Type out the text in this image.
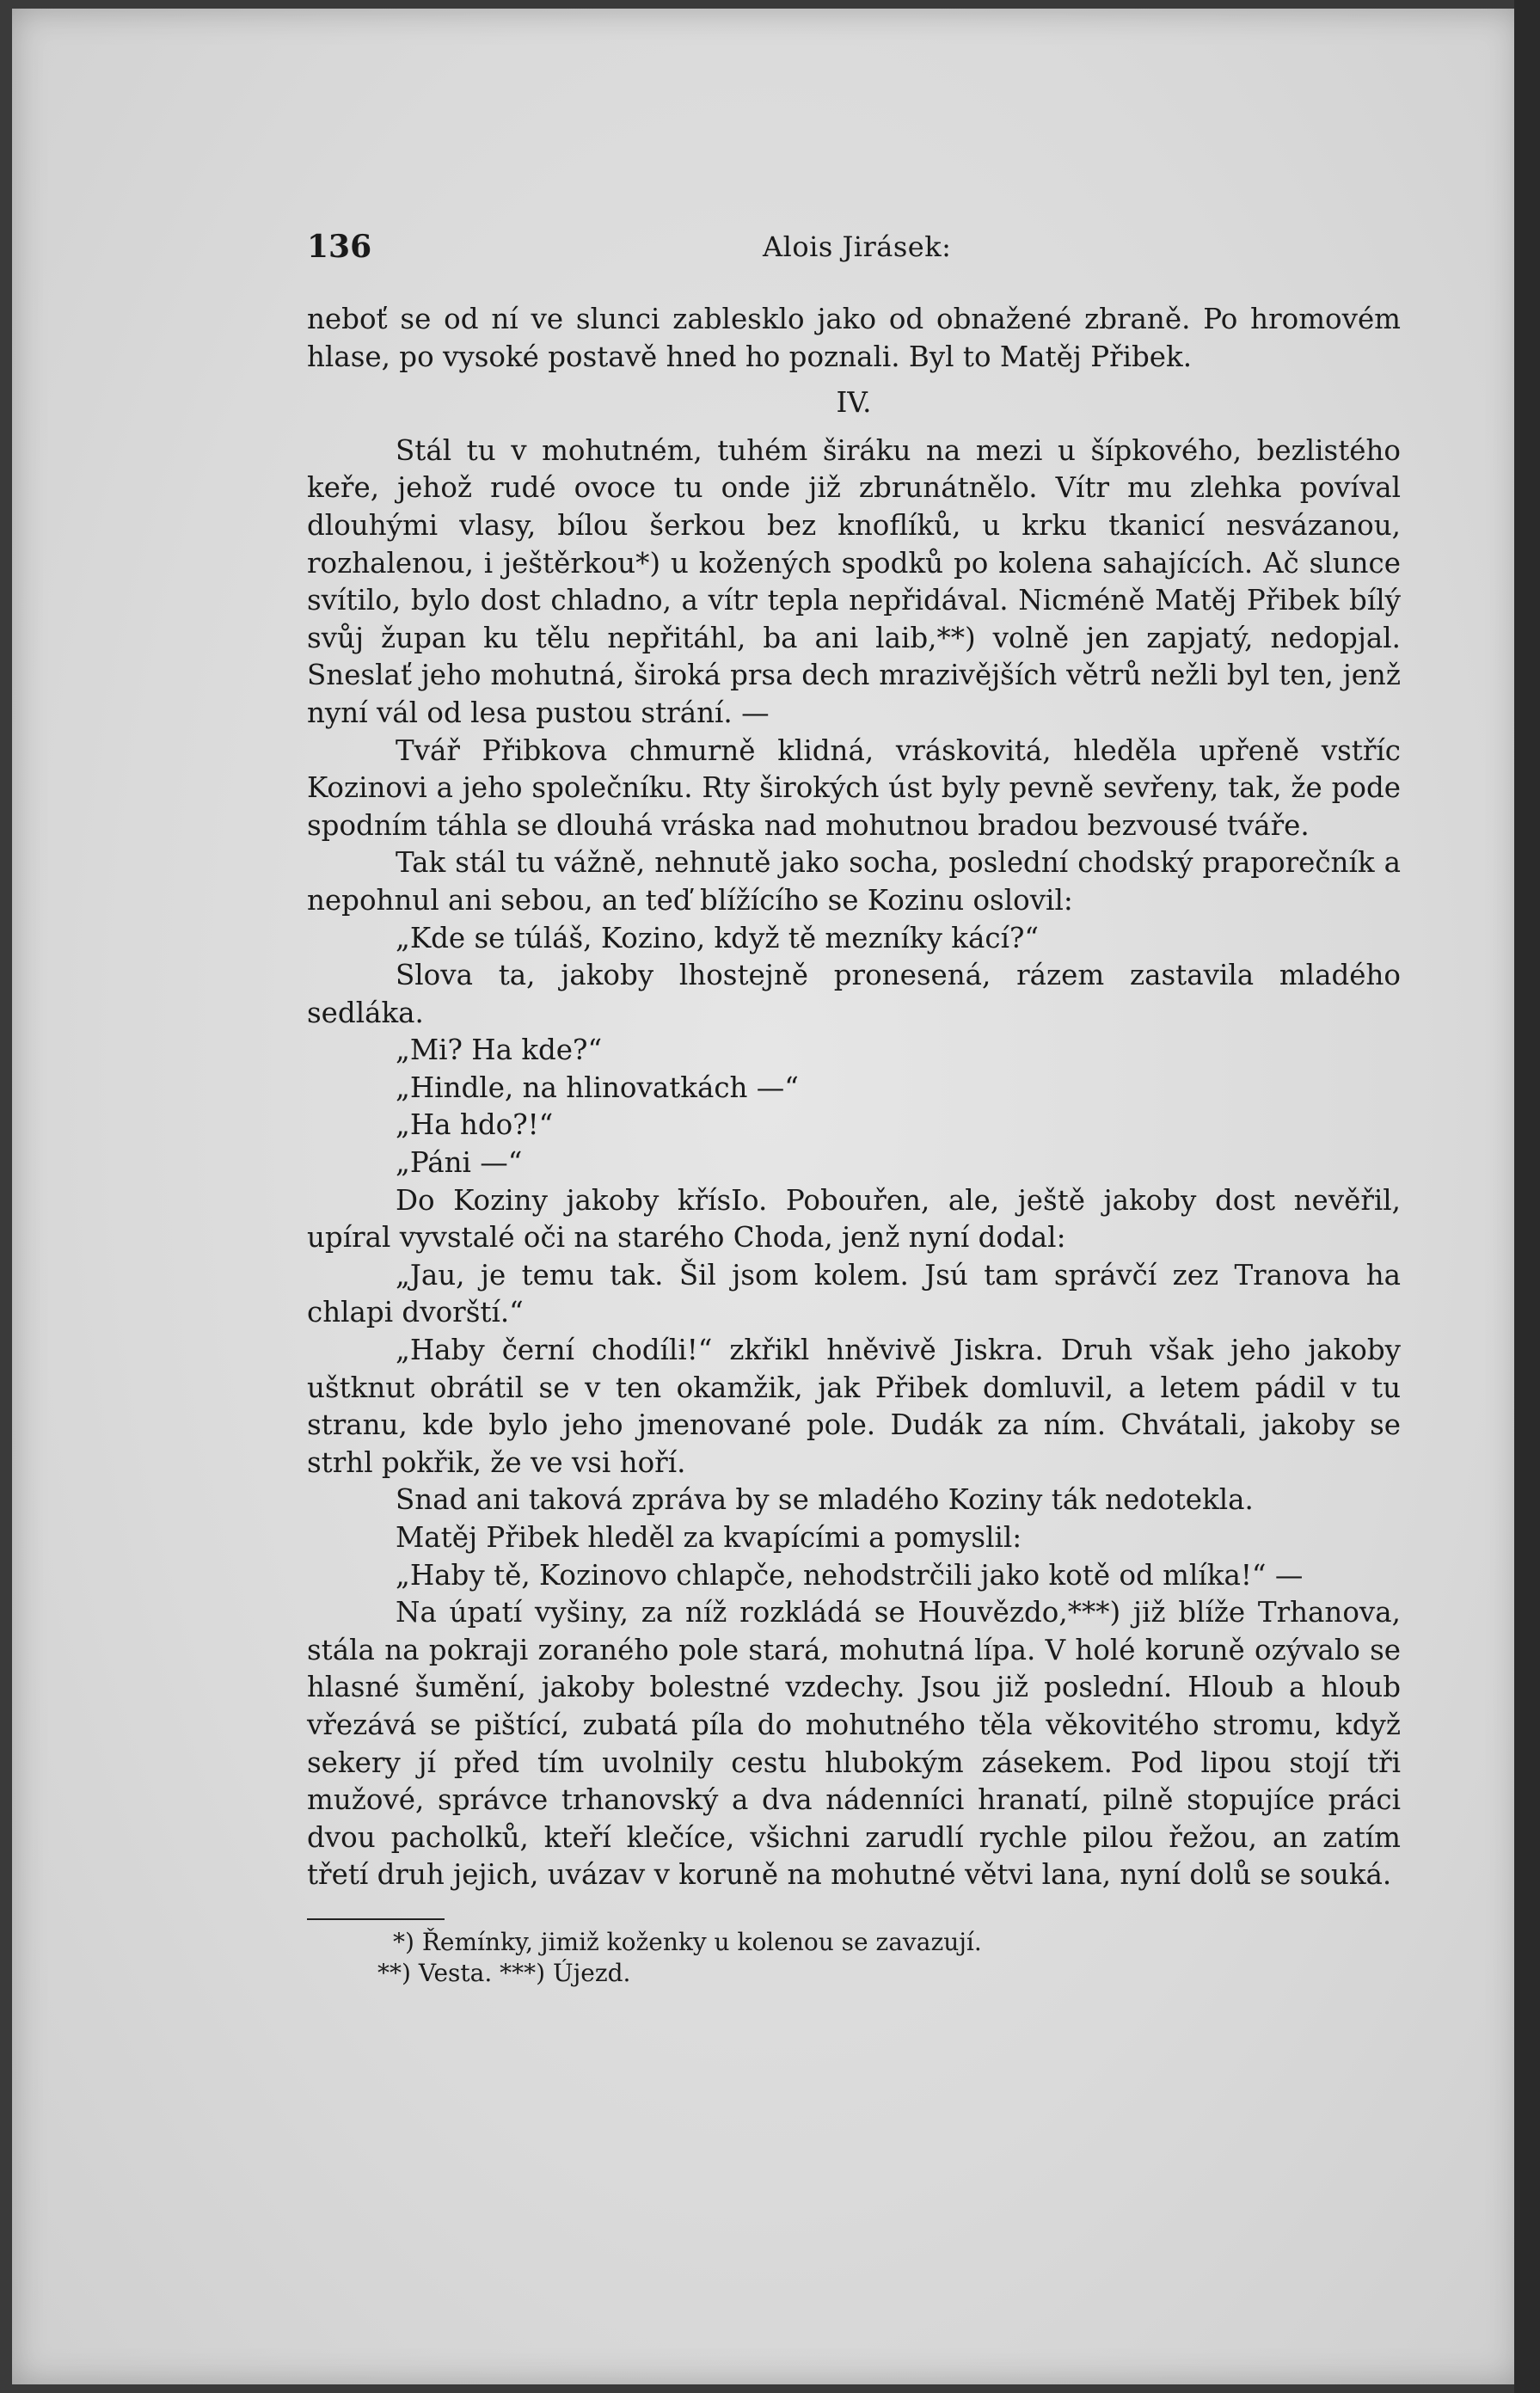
136	Alois Jirásek:

neboť se od ní ve slunci zablesklo jako od obnažené zbraně. Po hromovém hlase, po vysoké postavě hned ho poznali. Byl to Matěj Přibek.

IV.

Stál tu v mohutném, tuhém širáku na mezi u šípkového, bezlistého keře, jehož rudé ovoce tu onde již zbrunátnělo. Vítr mu zlehka povíval dlouhými vlasy, bílou šerkou bez knoflíků, u krku tkanicí nesvázanou, rozhalenou, i ještěrkou*) u kožených spodků po kolena sahajících. Ač slunce svítilo, bylo dost chladno, a vítr tepla nepřidával. Nicméně Matěj Přibek bílý svůj župan ku tělu nepřitáhl, ba ani laib,**) volně jen zapjatý, nedopjal. Sneslať jeho mohutná, široká prsa dech mrazivějších větrů nežli byl ten, jenž nyní vál od lesa pustou strání. —

Tvář Přibkova chmurně klidná, vráskovitá, hleděla upřeně vstříc Kozinovi a jeho společníku. Rty širokých úst byly pevně sevřeny, tak, že pode spodním táhla se dlouhá vráska nad mohutnou bradou bezvousé tváře.

Tak stál tu vážně, nehnutě jako socha, poslední chodský praporečník a nepohnul ani sebou, an teď blížícího se Kozinu oslovil:

„Kde se túláš, Kozino, když tě mezníky kácí?“

Slova ta, jakoby lhostejně pronesená, rázem zastavila mladého sedláka.

„Mi? Ha kde?“

„Hindle, na hlinovatkách —“

„Ha hdo?!“

„Páni —“

Do Koziny jakoby křísIo. Pobouřen, ale, ještě jakoby dost nevěřil, upíral vyvstalé oči na starého Choda, jenž nyní dodal:

„Jau, je temu tak. Šil jsom kolem. Jsú tam správčí zez Tranova ha chlapi dvorští.“

„Haby černí chodíli!“ zkřikl hněvivě Jiskra. Druh však jeho jakoby uštknut obrátil se v ten okamžik, jak Přibek domluvil, a letem pádil v tu stranu, kde bylo jeho jmenované pole. Dudák za ním. Chvátali, jakoby se strhl pokřik, že ve vsi hoří.

Snad ani taková zpráva by se mladého Koziny ták nedotekla.

Matěj Přibek hleděl za kvapícími a pomyslil:

„Haby tě, Kozinovo chlapče, nehodstrčili jako kotě od mlíka!“ —

Na úpatí vyšiny, za níž rozkládá se Houvězdo,***) již blíže Trhanova, stála na pokraji zoraného pole stará, mohutná lípa. V holé koruně ozývalo se hlasné šumění, jakoby bolestné vzdechy. Jsou již poslední. Hloub a hloub vřezává se pištící, zubatá píla do mohutného těla věkovitého stromu, když sekery jí před tím uvolnily cestu hlubokým zásekem. Pod lipou stojí tři mužové, správce trhanovský a dva nádenníci hranatí, pilně stopujíce práci dvou pacholků, kteří klečíce, všichni zarudlí rychle pilou řežou, an zatím třetí druh jejich, uvázav v koruně na mohutné větvi lana, nyní dolů se souká.

*) Řemínky, jimiž koženky u kolenou se zavazují.
**) Vesta. ***) Újezd.
